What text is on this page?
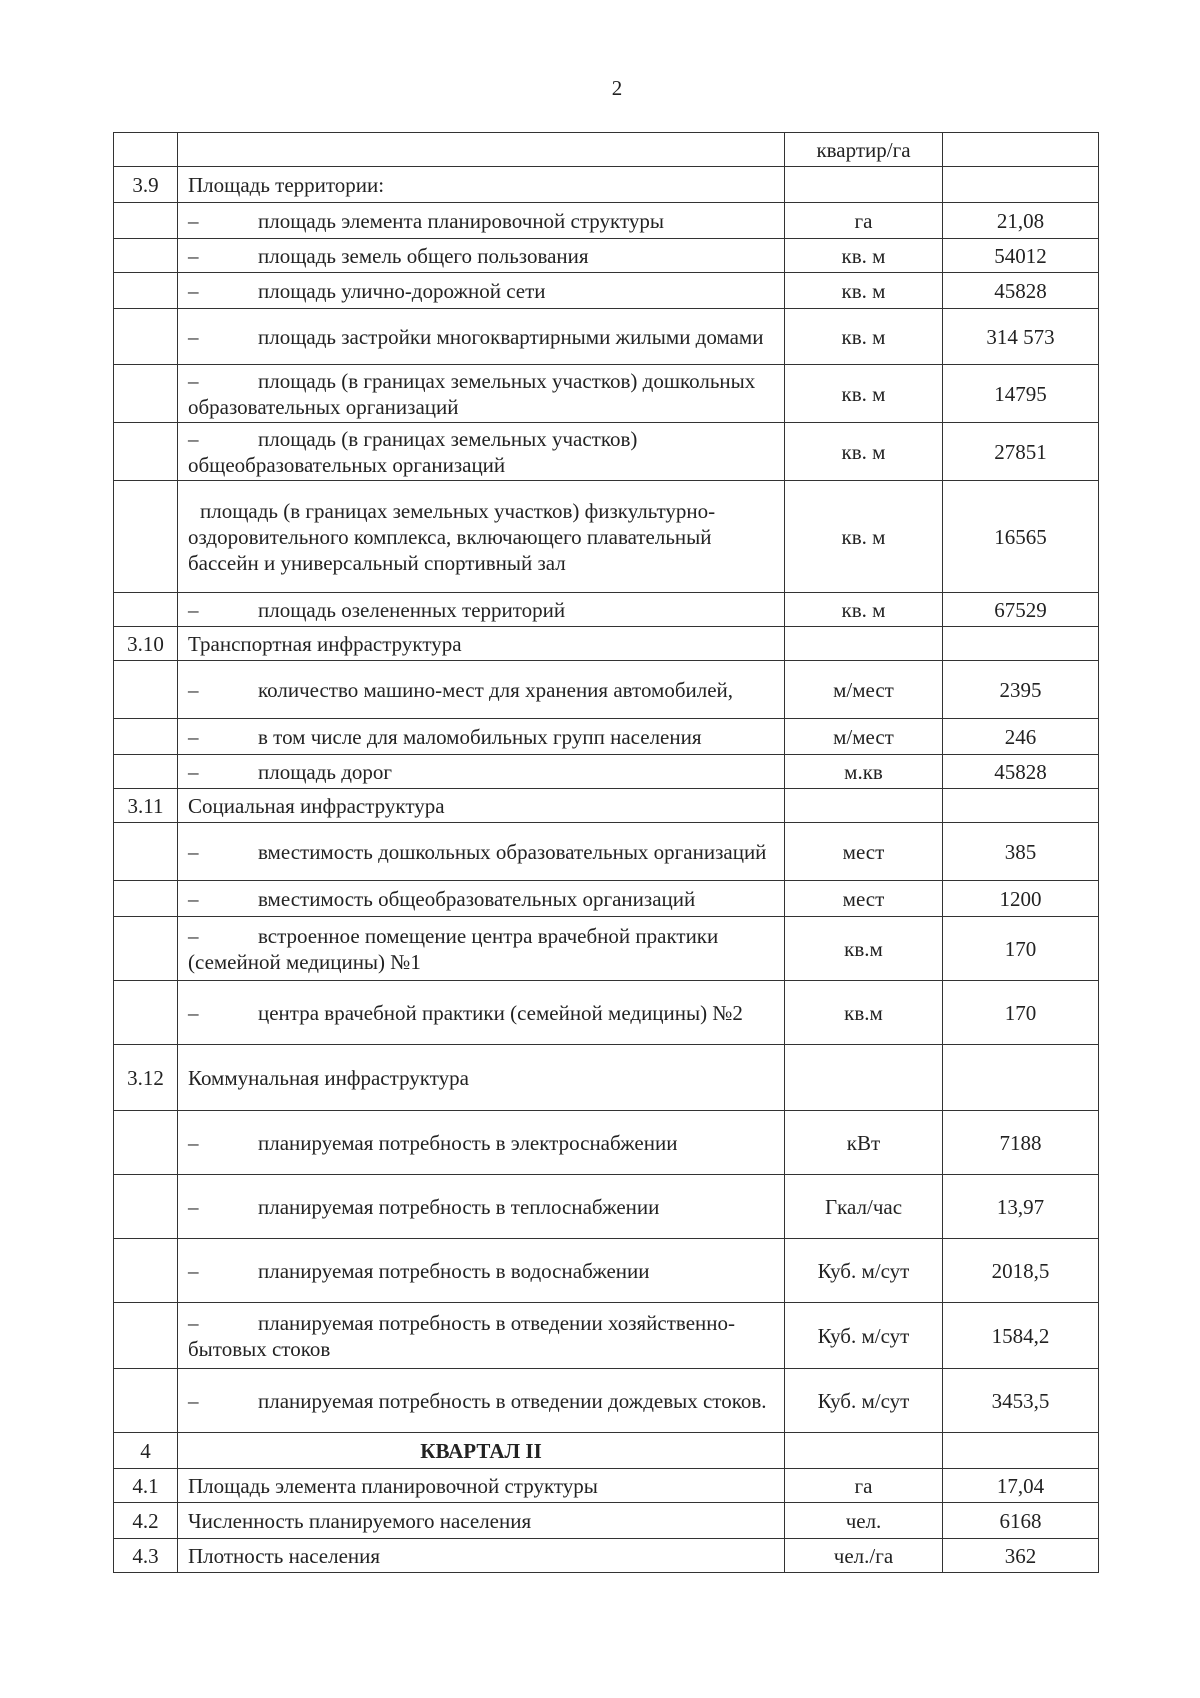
2
		квартир/га	
3.9	Площадь территории:		
	– площадь элемента планировочной структуры	га	21,08
	– площадь земель общего пользования	кв. м	54012
	– площадь улично-дорожной сети	кв. м	45828
	– площадь застройки многоквартирными жилыми домами	кв. м	314 573
	– площадь (в границах земельных участков) дошкольных образовательных организаций	кв. м	14795
	– площадь (в границах земельных участков) общеобразовательных организаций	кв. м	27851
	площадь (в границах земельных участков) физкультурно-оздоровительного комплекса, включающего плавательный бассейн и универсальный спортивный зал	кв. м	16565
	– площадь озелененных территорий	кв. м	67529
3.10	Транспортная инфраструктура		
	– количество машино-мест для хранения автомобилей,	м/мест	2395
	– в том числе для маломобильных групп населения	м/мест	246
	– площадь дорог	м.кв	45828
3.11	Социальная инфраструктура		
	– вместимость дошкольных образовательных организаций	мест	385
	– вместимость общеобразовательных организаций	мест	1200
	– встроенное помещение центра врачебной практики (семейной медицины) №1	кв.м	170
	– центра врачебной практики (семейной медицины) №2	кв.м	170
3.12	Коммунальная инфраструктура		
	– планируемая потребность в электроснабжении	кВт	7188
	– планируемая потребность в теплоснабжении	Гкал/час	13,97
	– планируемая потребность в водоснабжении	Куб. м/сут	2018,5
	– планируемая потребность в отведении хозяйственно-бытовых стоков	Куб. м/сут	1584,2
	– планируемая потребность в отведении дождевых стоков.	Куб. м/сут	3453,5
4	КВАРТАЛ II		
4.1	Площадь элемента планировочной структуры	га	17,04
4.2	Численность планируемого населения	чел.	6168
4.3	Плотность населения	чел./га	362
